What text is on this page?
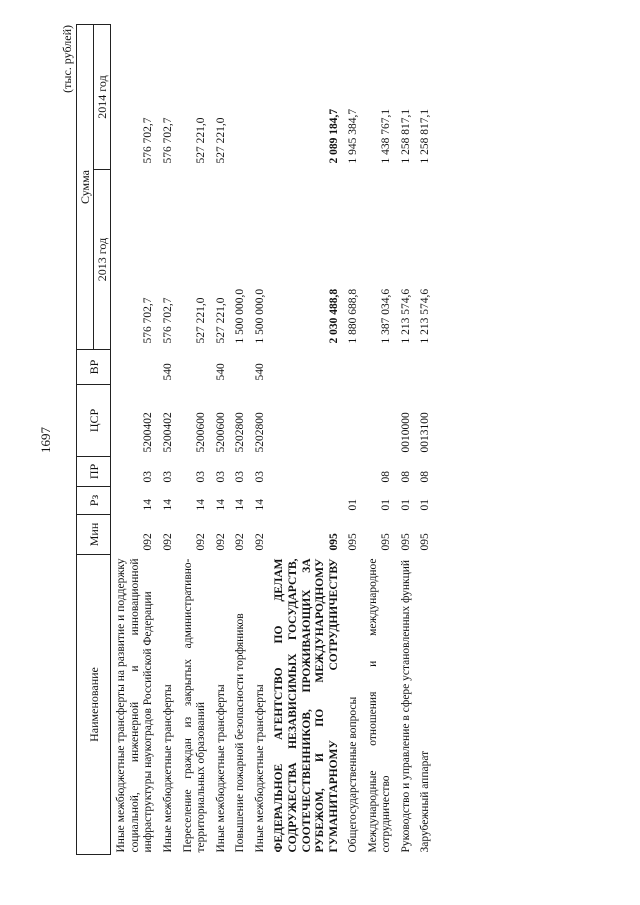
1697
(тыс. рублей)
Наименование	Мин	Рз	ПР	ЦСР	ВР	Сумма	
						2013 год	2014 год
Иные межбюджетные трансферты на развитие и поддержку социальной, инженерной и инновационной инфраструктуры наукоградов Российской Федерации	092	14	03	5200402		576 702,7	576 702,7
Иные межбюджетные трансферты	092	14	03	5200402	540	576 702,7	576 702,7
Переселение граждан из закрытых административно-территориальных образований	092	14	03	5200600		527 221,0	527 221,0
Иные межбюджетные трансферты	092	14	03	5200600	540	527 221,0	527 221,0
Повышение пожарной безопасности торфяников	092	14	03	5202800		1 500 000,0	
Иные межбюджетные трансферты	092	14	03	5202800	540	1 500 000,0	
ФЕДЕРАЛЬНОЕ АГЕНТСТВО ПО ДЕЛАМ СОДРУЖЕСТВА НЕЗАВИСИМЫХ ГОСУДАРСТВ, СООТЕЧЕСТВЕННИКОВ, ПРОЖИВАЮЩИХ ЗА РУБЕЖОМ, И ПО МЕЖДУНАРОДНОМУ ГУМАНИТАРНОМУ СОТРУДНИЧЕСТВУ	095					2 030 488,8	2 089 184,7
Общегосударственные вопросы	095	01				1 880 688,8	1 945 384,7
Международные отношения и международное сотрудничество	095	01	08			1 387 034,6	1 438 767,1
Руководство и управление в сфере установленных функций	095	01	08	0010000		1 213 574,6	1 258 817,1
Зарубежный аппарат	095	01	08	0013100		1 213 574,6	1 258 817,1
